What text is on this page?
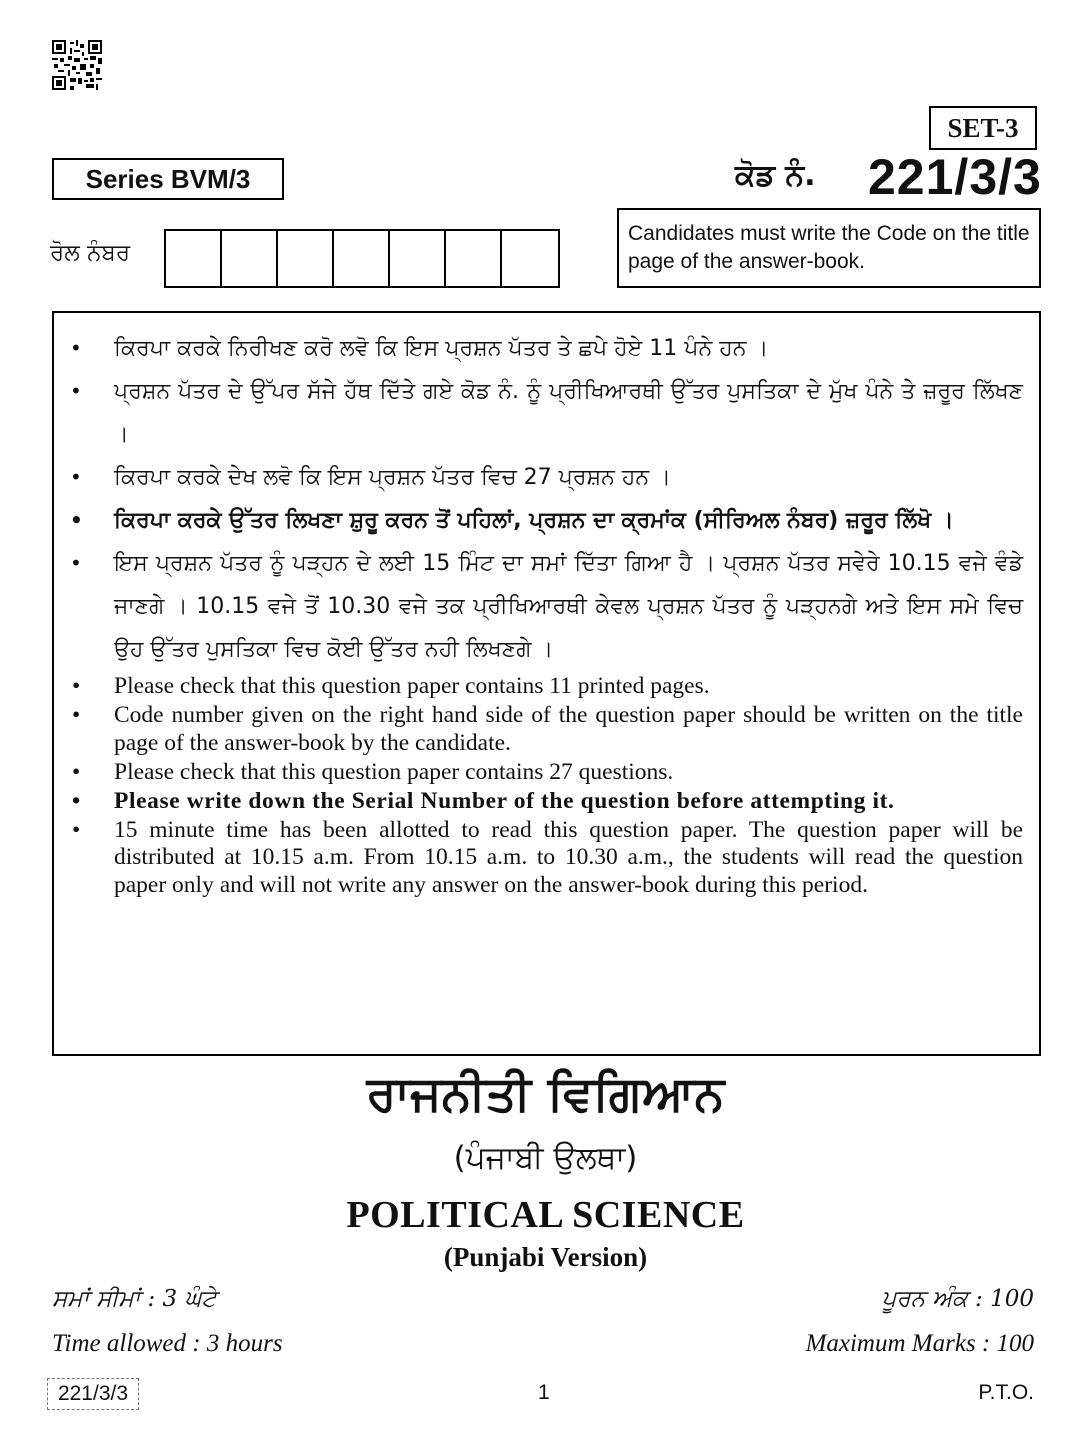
SET-3
Series BVM/3	ਕੋਡ ਨੰ. 221/3/3
ਰੋਲ ਨੰਬਰ
Candidates must write the Code on the title page of the answer-book.
• ਕਿਰਪਾ ਕਰਕੇ ਨਿਰੀਖਣ ਕਰੋ ਲਵੋ ਕਿ ਇਸ ਪ੍ਰਸ਼ਨ ਪੱਤਰ ਤੇ ਛਪੇ ਹੋਏ 11 ਪੰਨੇ ਹਨ ।
• ਪ੍ਰਸ਼ਨ ਪੱਤਰ ਦੇ ਉੱਪਰ ਸੱਜੇ ਹੱਥ ਦਿੱਤੇ ਗਏ ਕੋਡ ਨੰ. ਨੂੰ ਪ੍ਰੀਖਿਆਰਥੀ ਉੱਤਰ ਪੁਸਤਿਕਾ ਦੇ ਮੁੱਖ ਪੰਨੇ ਤੇ ਜ਼ਰੂਰ ਲਿੱਖਣ ।
• ਕਿਰਪਾ ਕਰਕੇ ਦੇਖ ਲਵੋ ਕਿ ਇਸ ਪ੍ਰਸ਼ਨ ਪੱਤਰ ਵਿਚ 27 ਪ੍ਰਸ਼ਨ ਹਨ ।
• ਕਿਰਪਾ ਕਰਕੇ ਉੱਤਰ ਲਿਖਣਾ ਸ਼ੁਰੂ ਕਰਨ ਤੋਂ ਪਹਿਲਾਂ, ਪ੍ਰਸ਼ਨ ਦਾ ਕ੍ਰਮਾਂਕ (ਸੀਰਿਅਲ ਨੰਬਰ) ਜ਼ਰੂਰ ਲਿੱਖੋ ।
• ਇਸ ਪ੍ਰਸ਼ਨ ਪੱਤਰ ਨੂੰ ਪੜ੍ਹਨ ਦੇ ਲਈ 15 ਮਿੰਟ ਦਾ ਸਮਾਂ ਦਿੱਤਾ ਗਿਆ ਹੈ । ਪ੍ਰਸ਼ਨ ਪੱਤਰ ਸਵੇਰੇ 10.15 ਵਜੇ ਵੰਡੇ ਜਾਣਗੇ । 10.15 ਵਜੇ ਤੋਂ 10.30 ਵਜੇ ਤਕ ਪ੍ਰੀਖਿਆਰਥੀ ਕੇਵਲ ਪ੍ਰਸ਼ਨ ਪੱਤਰ ਨੂੰ ਪੜ੍ਹਨਗੇ ਅਤੇ ਇਸ ਸਮੇ ਵਿਚ ਉਹ ਉੱਤਰ ਪੁਸਤਿਕਾ ਵਿਚ ਕੋਈ ਉੱਤਰ ਨਹੀ ਲਿਖਣਗੇ ।
• Please check that this question paper contains 11 printed pages.
• Code number given on the right hand side of the question paper should be written on the title page of the answer-book by the candidate.
• Please check that this question paper contains 27 questions.
• Please write down the Serial Number of the question before attempting it.
• 15 minute time has been allotted to read this question paper. The question paper will be distributed at 10.15 a.m. From 10.15 a.m. to 10.30 a.m., the students will read the question paper only and will not write any answer on the answer-book during this period.
ਰਾਜਨੀਤੀ ਵਿਗਿਆਨ
(ਪੰਜਾਬੀ ਉਲਥਾ)
POLITICAL SCIENCE
(Punjabi Version)
ਸਮਾਂ ਸੀਮਾਂ : 3 ਘੰਟੇ	ਪੂਰਨ ਅੰਕ : 100
Time allowed : 3 hours	Maximum Marks : 100
221/3/3	1	P.T.O.
